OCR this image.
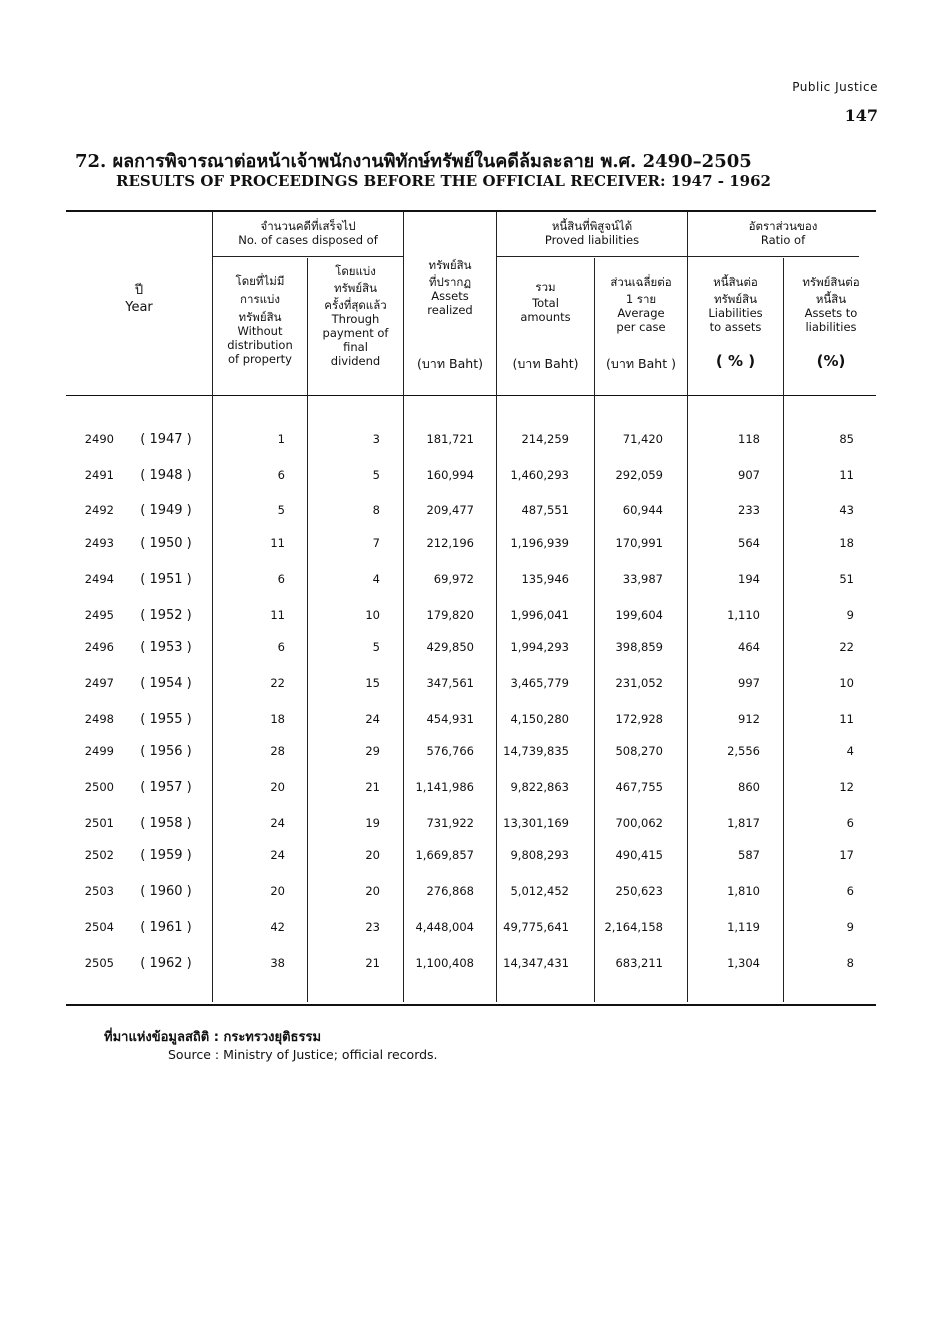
Public Justice
147
72. ผลการพิจารณาต่อหน้าเจ้าพนักงานพิทักษ์ทรัพย์ในคดีล้มละลาย พ.ศ. 2490–2505
RESULTS OF PROCEEDINGS BEFORE THE OFFICIAL RECEIVER: 1947 - 1962
จำนวนคดีที่เสร็จไป
No. of cases disposed of
หนี้สินที่พิสูจน์ได้
Proved liabilities
อัตราส่วนของ
Ratio of
ปี
Year
โดยที่ไม่มี
การแบ่ง
ทรัพย์สิน
Without
distribution
of property
โดยแบ่ง
ทรัพย์สิน
ครั้งที่สุดแล้ว
Through
payment of
final
dividend
ทรัพย์สิน
ที่ปรากฏ
Assets
realized
(บาท Baht)
รวม
Total
amounts
(บาท Baht)
ส่วนเฉลี่ยต่อ
1 ราย
Average
per case
(บาท Baht )
หนี้สินต่อ
ทรัพย์สิน
Liabilities
to assets
( % )
ทรัพย์สินต่อ
หนี้สิน
Assets to
liabilities
(%)
2490	( 1947 )	1	3	181,721	214,259	71,420	118	85
2491	( 1948 )	6	5	160,994	1,460,293	292,059	907	11
2492	( 1949 )	5	8	209,477	487,551	60,944	233	43
2493	( 1950 )	11	7	212,196	1,196,939	170,991	564	18
2494	( 1951 )	6	4	69,972	135,946	33,987	194	51
2495	( 1952 )	11	10	179,820	1,996,041	199,604	1,110	9
2496	( 1953 )	6	5	429,850	1,994,293	398,859	464	22
2497	( 1954 )	22	15	347,561	3,465,779	231,052	997	10
2498	( 1955 )	18	24	454,931	4,150,280	172,928	912	11
2499	( 1956 )	28	29	576,766	14,739,835	508,270	2,556	4
2500	( 1957 )	20	21	1,141,986	9,822,863	467,755	860	12
2501	( 1958 )	24	19	731,922	13,301,169	700,062	1,817	6
2502	( 1959 )	24	20	1,669,857	9,808,293	490,415	587	17
2503	( 1960 )	20	20	276,868	5,012,452	250,623	1,810	6
2504	( 1961 )	42	23	4,448,004	49,775,641	2,164,158	1,119	9
2505	( 1962 )	38	21	1,100,408	14,347,431	683,211	1,304	8
ที่มาแห่งข้อมูลสถิติ : กระทรวงยุติธรรม
Source : Ministry of Justice; official records.
